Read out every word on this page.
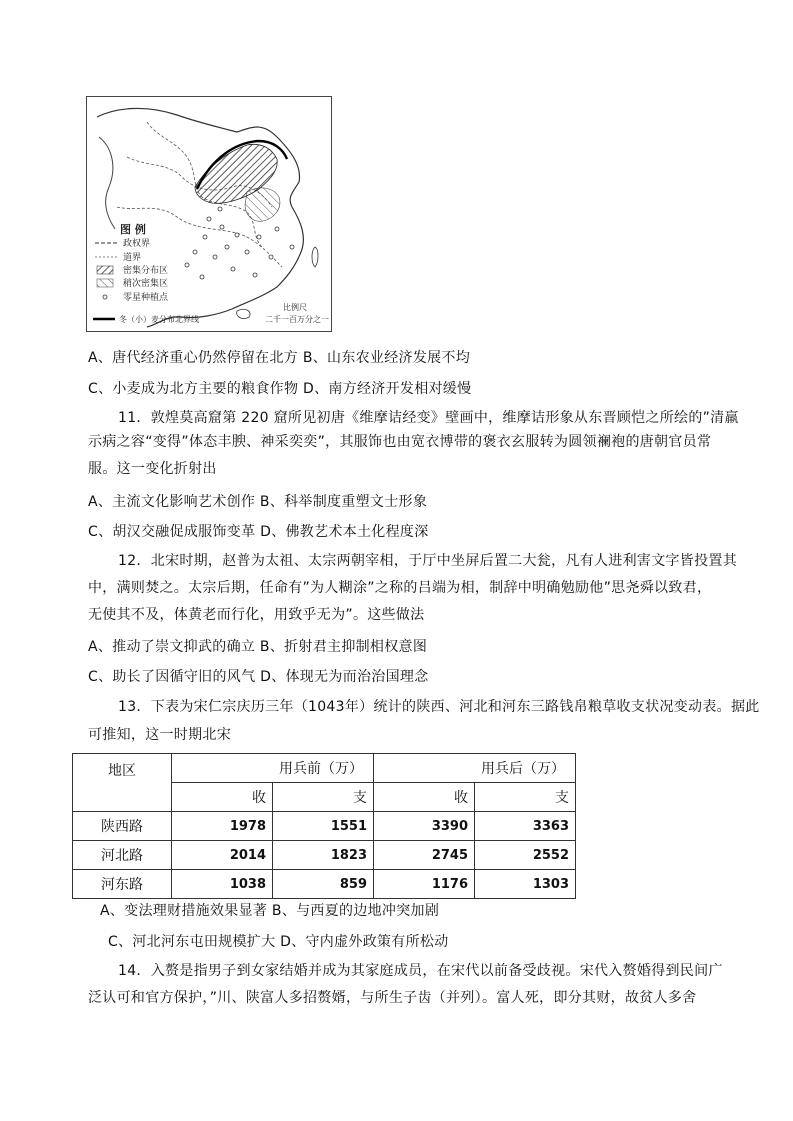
图 例
政权界
道界
密集分布区
稍次密集区
零星种植点
冬（小）麦分布北界线
比例尺
二千一百万分之一
A、唐代经济重心仍然停留在北方 B、山东农业经济发展不均
C、小麦成为北方主要的粮食作物 D、南方经济开发相对缓慢
11．敦煌莫高窟第 220 窟所见初唐《维摩诘经变》壁画中，维摩诘形象从东晋顾恺之所绘的”清羸
示病之容“变得”体态丰腴、神采奕奕”，其服饰也由宽衣博带的褒衣玄服转为圆领襕袍的唐朝官员常
服。这一变化折射出
A、主流文化影响艺术创作 B、科举制度重塑文士形象
C、胡汉交融促成服饰变革 D、佛教艺术本土化程度深
12．北宋时期，赵普为太祖、太宗两朝宰相，于厅中坐屏后置二大瓮，凡有人进利害文字皆投置其
中，满则焚之。太宗后期，任命有”为人糊涂”之称的吕端为相，制辞中明确勉励他”思尧舜以致君，
无使其不及，体黄老而行化，用致乎无为”。这些做法
A、推动了崇文抑武的确立 B、折射君主抑制相权意图
C、助长了因循守旧的风气 D、体现无为而治治国理念
13．下表为宋仁宗庆历三年（1043年）统计的陕西、河北和河东三路钱帛粮草收支状况变动表。据此
可推知，这一时期北宋
地区	用兵前（万）		用兵后（万）	
	收	支	收	支
陕西路	1978	1551	3390	3363
河北路	2014	1823	2745	2552
河东路	1038	859	1176	1303
A、变法理财措施效果显著 B、与西夏的边地冲突加剧
C、河北河东屯田规模扩大 D、守内虚外政策有所松动
14．入赘是指男子到女家结婚并成为其家庭成员，在宋代以前备受歧视。宋代入赘婚得到民间广
泛认可和官方保护，”川、陕富人多招赘婿，与所生子齿（并列）。富人死，即分其财，故贫人多舍
